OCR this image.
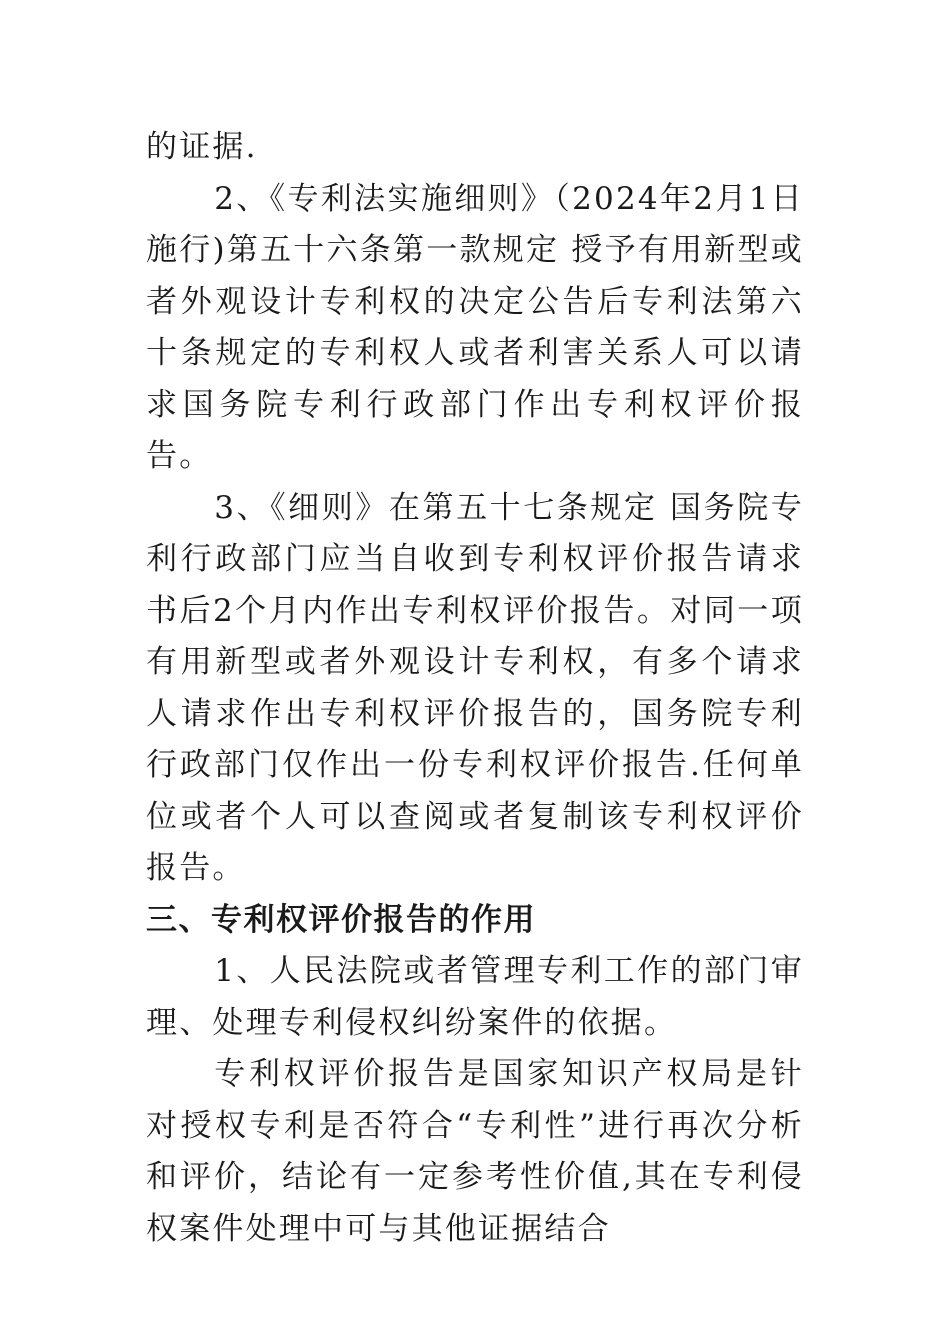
的证据.

2、《专利法实施细则》（2024年2月1日施行)第五十六条第一款规定 授予有用新型或者外观设计专利权的决定公告后专利法第六十条规定的专利权人或者利害关系人可以请求国务院专利行政部门作出专利权评价报告。

3、《细则》在第五十七条规定 国务院专利行政部门应当自收到专利权评价报告请求书后2个月内作出专利权评价报告。对同一项有用新型或者外观设计专利权，有多个请求人请求作出专利权评价报告的，国务院专利行政部门仅作出一份专利权评价报告.任何单位或者个人可以查阅或者复制该专利权评价报告。

三、专利权评价报告的作用

1、人民法院或者管理专利工作的部门审理、处理专利侵权纠纷案件的依据。

专利权评价报告是国家知识产权局是针对授权专利是否符合“专利性”进行再次分析和评价，结论有一定参考性价值,其在专利侵权案件处理中可与其他证据结合
